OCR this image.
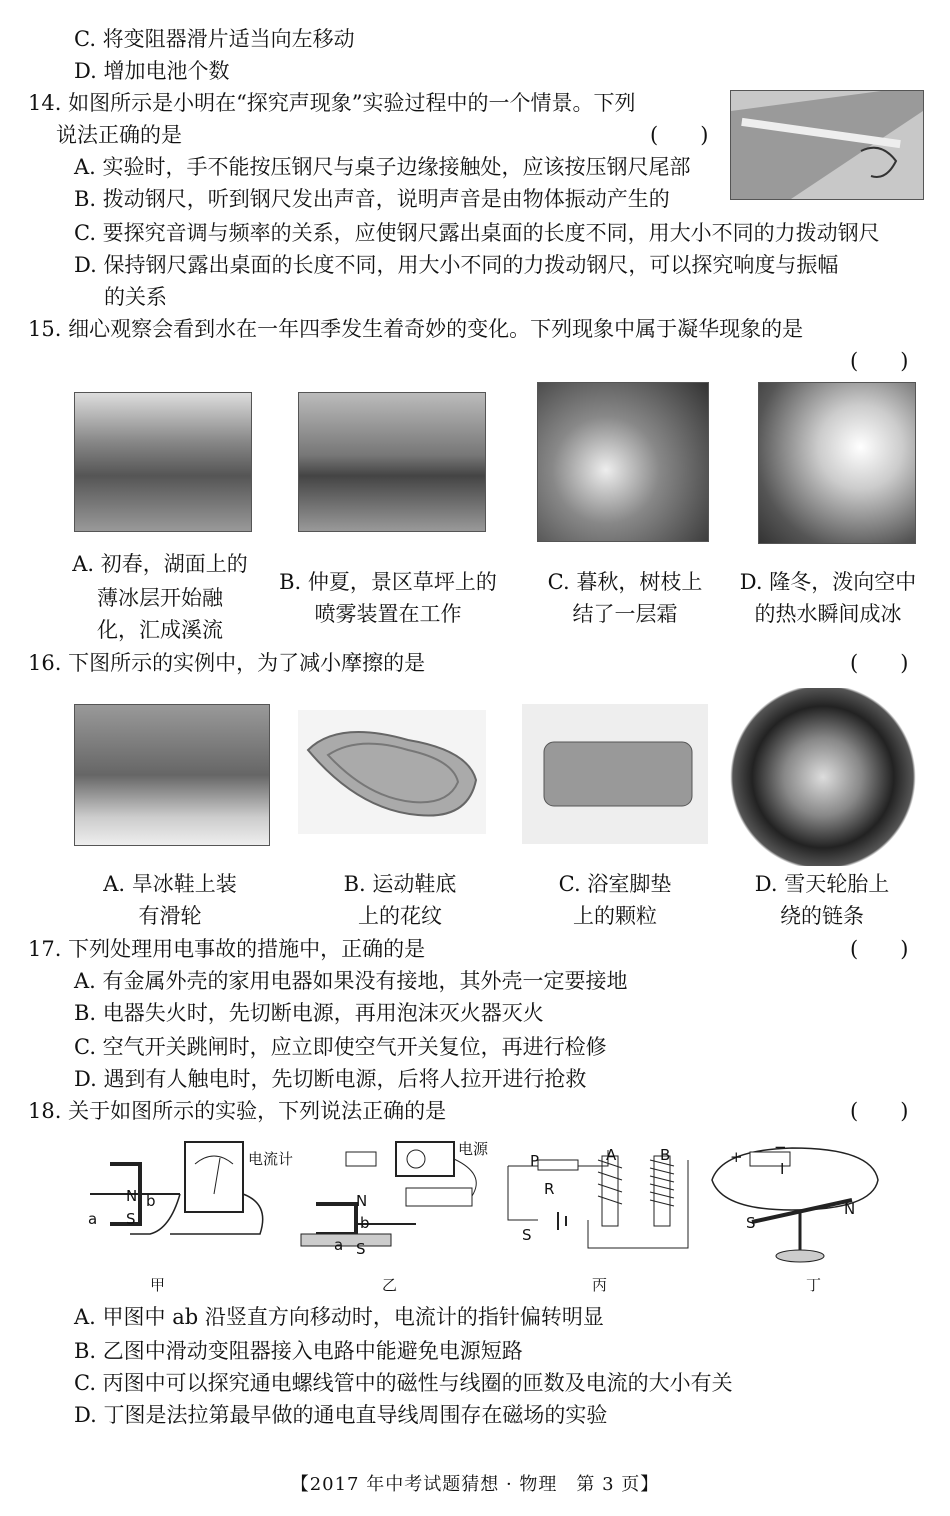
C. 将变阻器滑片适当向左移动
D. 增加电池个数
14. 如图所示是小明在“探究声现象”实验过程中的一个情景。下列
说法正确的是	(　　)
A. 实验时，手不能按压钢尺与桌子边缘接触处，应该按压钢尺尾部
B. 拨动钢尺，听到钢尺发出声音，说明声音是由物体振动产生的
C. 要探究音调与频率的关系，应使钢尺露出桌面的长度不同，用大小不同的力拨动钢尺
D. 保持钢尺露出桌面的长度不同，用大小不同的力拨动钢尺，可以探究响度与振幅
的关系
15. 细心观察会看到水在一年四季发生着奇妙的变化。下列现象中属于凝华现象的是
(　　)
A. 初春，湖面上的
薄冰层开始融
化，汇成溪流
B. 仲夏，景区草坪上的
喷雾装置在工作
C. 暮秋，树枝上
结了一层霜
D. 隆冬，泼向空中
的热水瞬间成冰
16. 下图所示的实例中，为了减小摩擦的是	(　　)
A. 旱冰鞋上装
有滑轮
B. 运动鞋底
上的花纹
C. 浴室脚垫
上的颗粒
D. 雪天轮胎上
绕的链条
17. 下列处理用电事故的措施中，正确的是	(　　)
A. 有金属外壳的家用电器如果没有接地，其外壳一定要接地
B. 电器失火时，先切断电源，再用泡沫灭火器灭火
C. 空气开关跳闸时，应立即使空气开关复位，再进行检修
D. 遇到有人触电时，先切断电源，后将人拉开进行抢救
18. 关于如图所示的实验，下列说法正确的是	(　　)
N b
S
a
电流计
甲
电源
N
b
a S
乙
P
R
A	B
S
丙
+
−
I
S
N
丁
A. 甲图中 ab 沿竖直方向移动时，电流计的指针偏转明显
B. 乙图中滑动变阻器接入电路中能避免电源短路
C. 丙图中可以探究通电螺线管中的磁性与线圈的匝数及电流的大小有关
D. 丁图是法拉第最早做的通电直导线周围存在磁场的实验
【2017 年中考试题猜想 · 物理　第 3 页】
